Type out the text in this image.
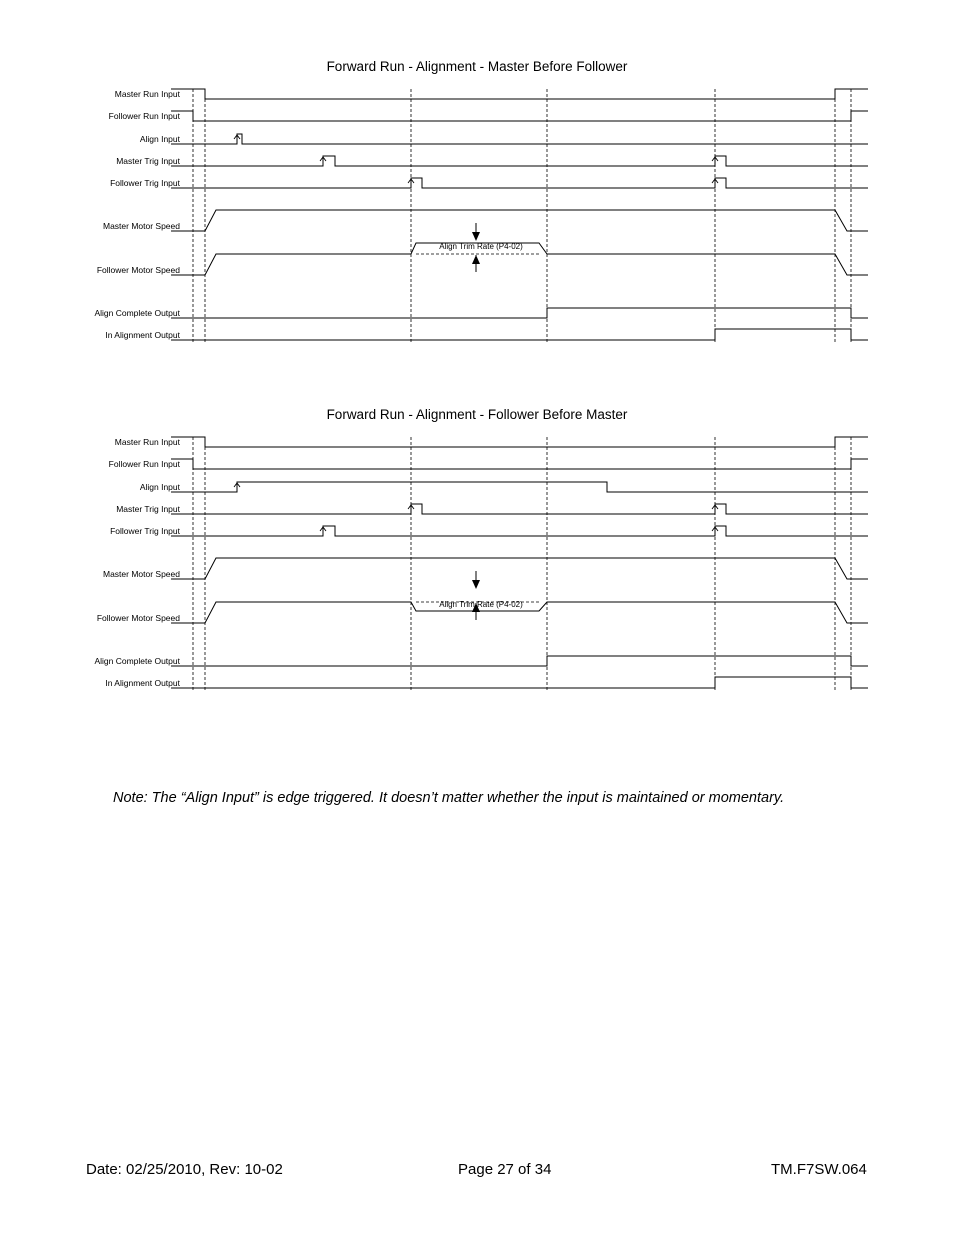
Forward Run - Alignment - Master Before Follower
Master Run Input
Follower Run Input
Align Input
Master Trig Input
Follower Trig Input
Master Motor Speed
Follower Motor Speed
Align Complete Output
In Alignment Output
Align Trim Rate (P4-02)
Forward Run - Alignment - Follower Before Master
Master Run Input
Follower Run Input
Align Input
Master Trig Input
Follower Trig Input
Master Motor Speed
Follower Motor Speed
Align Complete Output
In Alignment Output
Align Trim Rate (P4-02)
Note: The “Align Input” is edge triggered. It doesn’t matter whether the input is maintained or momentary.
Date: 02/25/2010, Rev: 10-02	Page 27 of 34	TM.F7SW.064
